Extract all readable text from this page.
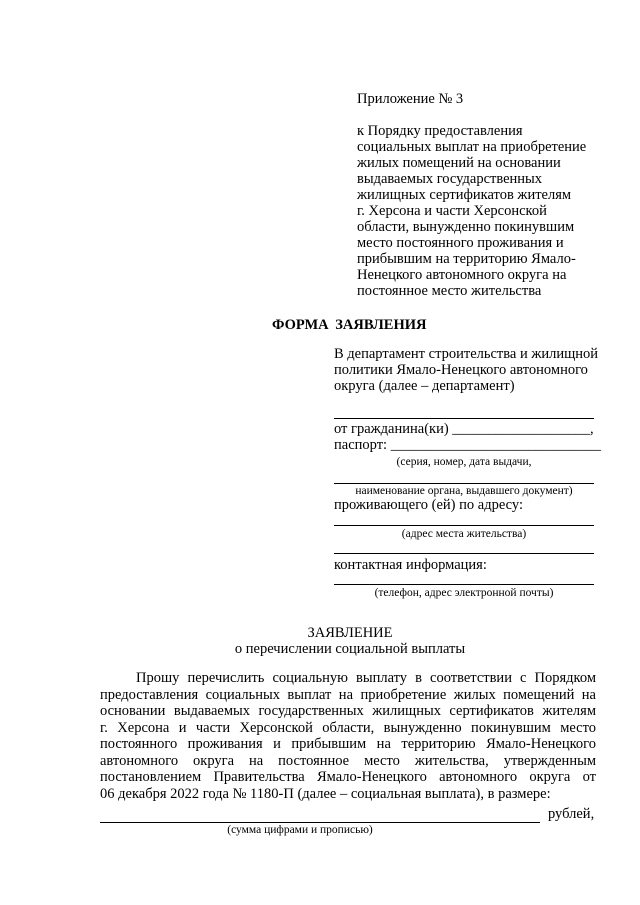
Приложение № 3
к Порядку предоставления
социальных выплат на приобретение
жилых помещений на основании
выдаваемых государственных
жилищных сертификатов жителям
г. Херсона и части Херсонской
области, вынужденно покинувшим
место постоянного проживания и
прибывшим на территорию Ямало-
Ненецкого автономного округа на
постоянное место жительства
ФОРМА ЗАЯВЛЕНИЯ
В департамент строительства и жилищной
политики Ямало-Ненецкого автономного
округа (далее – департамент)
от гражданина(ки) ___________________,
паспорт: _____________________________
(серия, номер, дата выдачи,
наименование органа, выдавшего документ)
проживающего (ей) по адресу:
(адрес места жительства)
контактная информация:
(телефон, адрес электронной почты)
ЗАЯВЛЕНИЕ
о перечислении социальной выплаты
Прошу перечислить социальную выплату в соответствии с Порядком
предоставления социальных выплат на приобретение жилых помещений на
основании выдаваемых государственных жилищных сертификатов жителям
г. Херсона и части Херсонской области, вынужденно покинувшим место
постоянного проживания и прибывшим на территорию Ямало-Ненецкого
автономного округа на постоянное место жительства, утвержденным
постановлением Правительства Ямало-Ненецкого автономного округа от
06 декабря 2022 года № 1180-П (далее – социальная выплата), в размере:
рублей,
(сумма цифрами и прописью)
